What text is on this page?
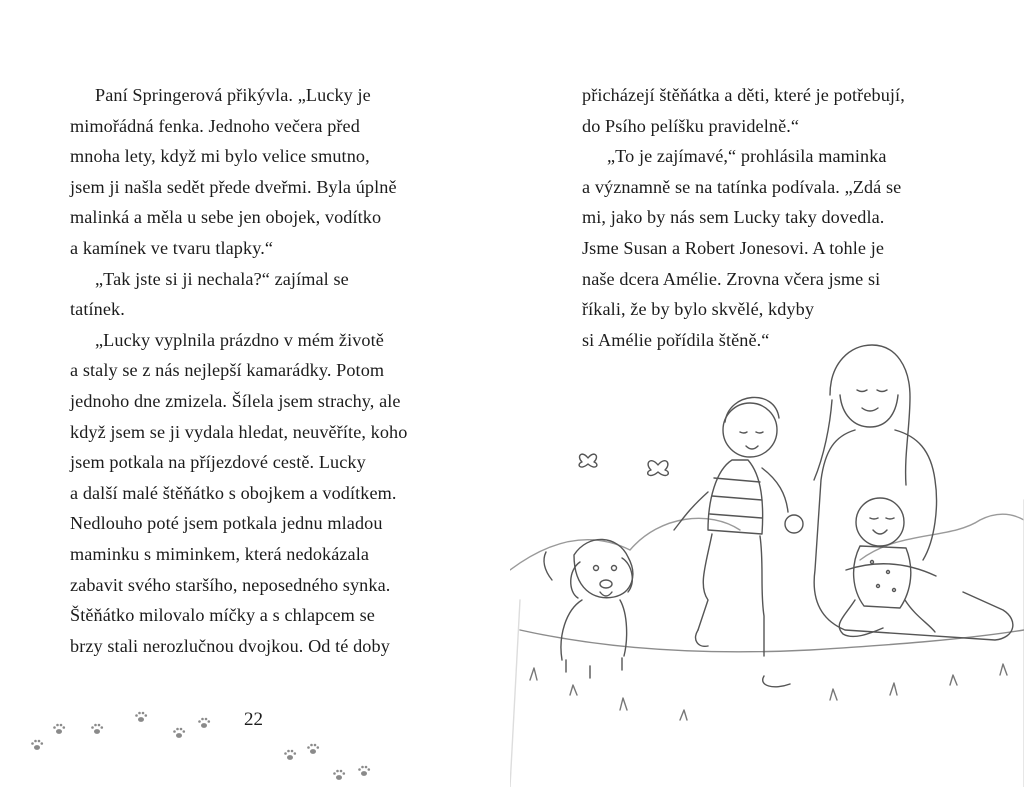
Paní Springerová přikývla. „Lucky je
mimořádná fenka. Jednoho večera před
mnoha lety, když mi bylo velice smutno,
jsem ji našla sedět přede dveřmi. Byla úplně
malinká a měla u sebe jen obojek, vodítko
a kamínek ve tvaru tlapky.“
„Tak jste si ji nechala?“ zajímal se
tatínek.
„Lucky vyplnila prázdno v mém životě
a staly se z nás nejlepší kamarádky. Potom
jednoho dne zmizela. Šílela jsem strachy, ale
když jsem se ji vydala hledat, neuvěříte, koho
jsem potkala na příjezdové cestě. Lucky
a další malé štěňátko s obojkem a vodítkem.
Nedlouho poté jsem potkala jednu mladou
maminku s miminkem, která nedokázala
zabavit svého staršího, neposedného synka.
Štěňátko milovalo míčky a s chlapcem se
brzy stali nerozlučnou dvojkou. Od té doby
22
přicházejí štěňátka a děti, které je potřebují,
do Psího pelíšku pravidelně.“
„To je zajímavé,“ prohlásila maminka
a významně se na tatínka podívala. „Zdá se
mi, jako by nás sem Lucky taky dovedla.
Jsme Susan a Robert Jonesovi. A tohle je
naše dcera Amélie. Zrovna včera jsme si
říkali, že by bylo skvělé, kdyby
si Amélie pořídila štěně.“
